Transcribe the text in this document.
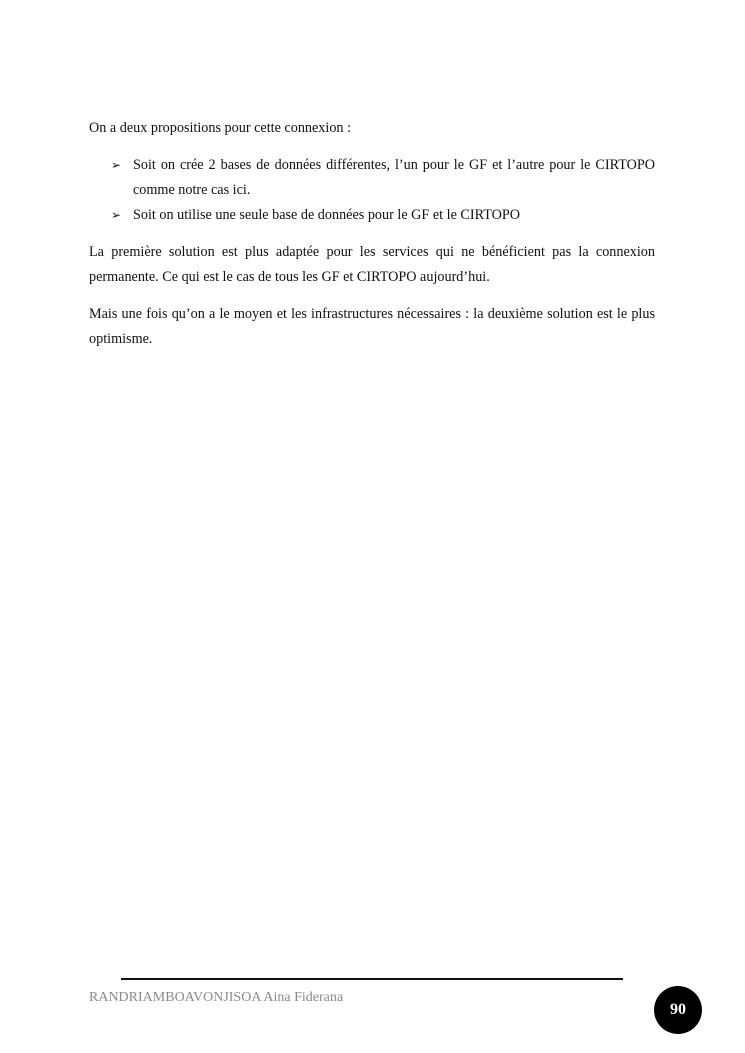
On a deux propositions pour cette connexion :

➢ Soit on crée 2 bases de données différentes, l’un pour le GF et l’autre pour le CIRTOPO comme notre cas ici.
➢ Soit on utilise une seule base de données pour le GF et le CIRTOPO

La première solution est plus adaptée pour les services qui ne bénéficient pas la connexion permanente. Ce qui est le cas de tous les GF et CIRTOPO aujourd’hui.

Mais une fois qu’on a le moyen et les infrastructures nécessaires : la deuxième solution est le plus optimisme.

RANDRIAMBOAVONJISOA Aina Fiderana
90
